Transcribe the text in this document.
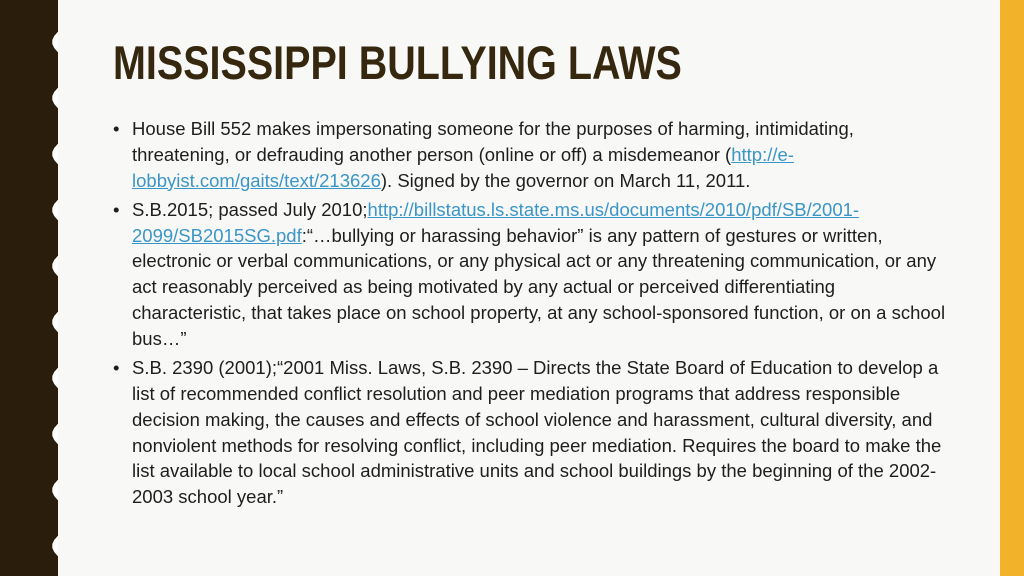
MISSISSIPPI BULLYING LAWS
• House Bill 552 makes impersonating someone for the purposes of harming, intimidating, threatening, or defrauding another person (online or off) a misdemeanor (http://e-lobbyist.com/gaits/text/213626). Signed by the governor on March 11, 2011.
• S.B.2015; passed July 2010;http://billstatus.ls.state.ms.us/documents/2010/pdf/SB/2001-2099/SB2015SG.pdf:“…bullying or harassing behavior” is any pattern of gestures or written, electronic or verbal communications, or any physical act or any threatening communication, or any act reasonably perceived as being motivated by any actual or perceived differentiating characteristic, that takes place on school property, at any school-sponsored function, or on a school bus…”
• S.B. 2390 (2001);“2001 Miss. Laws, S.B. 2390 – Directs the State Board of Education to develop a list of recommended conflict resolution and peer mediation programs that address responsible decision making, the causes and effects of school violence and harassment, cultural diversity, and nonviolent methods for resolving conflict, including peer mediation. Requires the board to make the list available to local school administrative units and school buildings by the beginning of the 2002-2003 school year.”
